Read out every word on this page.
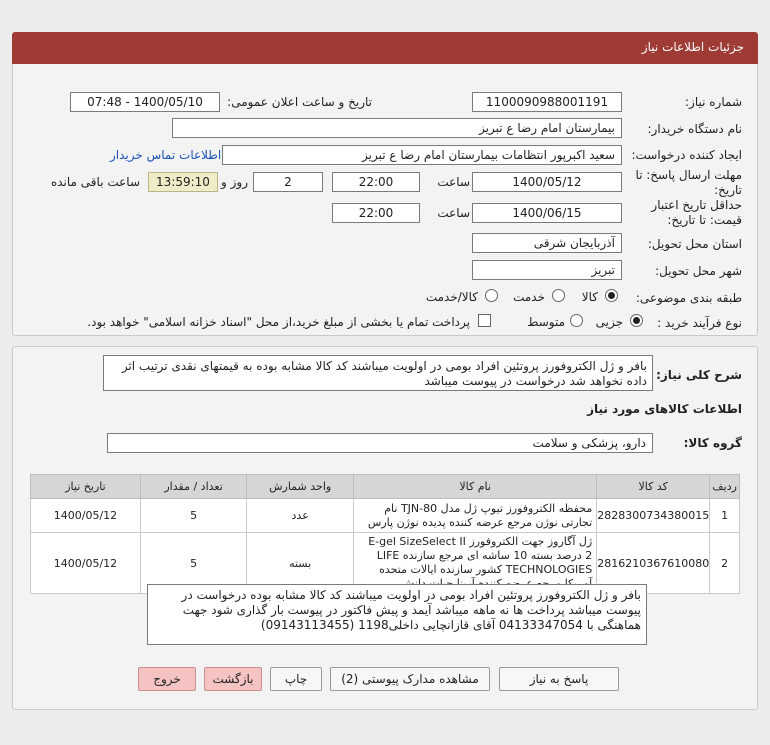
جزئیات اطلاعات نیاز
شماره نیاز:
1100090988001191
تاریخ و ساعت اعلان عمومی:
1400/05/10 - 07:48
نام دستگاه خریدار:
بیمارستان امام رضا ع تبریز
ایجاد کننده درخواست:
سعید اکبرپور انتظامات بیمارستان امام رضا ع تبریز
اطلاعات تماس خریدار
مهلت ارسال پاسخ: تا
تاریخ:
1400/05/12
ساعت
22:00
2
روز و
13:59:10
ساعت باقی مانده
حداقل تاریخ اعتبار
قیمت: تا تاریخ:
1400/06/15
ساعت
22:00
استان محل تحویل:
آذربایجان شرقی
شهر محل تحویل:
تبریز
طبقه بندی موضوعی:
کالا
خدمت
کالا/خدمت
نوع فرآیند خرید :
جزیی
متوسط
پرداخت تمام یا بخشی از مبلغ خرید،از محل "اسناد خزانه اسلامی" خواهد بود.
شرح کلی نیاز:
بافر و ژل الکتروفورز پروتئین افراد بومی در اولویت میباشند کد کالا مشابه بوده به قیمتهای نقدی ترتیب اثر داده نخواهد شد درخواست در پیوست میباشد
اطلاعات کالاهای مورد نیاز
گروه کالا:
دارو، پزشکی و سلامت
ردیف	کد کالا	نام کالا	واحد شمارش	تعداد / مقدار	تاریخ نیاز
1	2828300734380015	محفظه الکتروفورز تیوپ ژل مدل TJN-80 نام تجارتی نوژن مرجع عرضه کننده پدیده نوژن پارس	عدد	5	1400/05/12
2	2816210367610080	ژل آگاروز جهت الکتروفورز E-gel SizeSelect II 2 درصد بسته 10 ساشه ای مرجع سازنده LIFE TECHNOLOGIES کشور سازنده ایالات متحده	بسته	5	1400/05/12
بافر و ژل الکتروفورز پروتئین افراد بومی در اولویت میباشند کد کالا مشابه بوده درخواست در پیوست میباشد پرداخت ها نه ماهه میباشد آیمد و پیش فاکتور در پیوست بار گذاری شود جهت هماهنگی با 04133347054 آقای قازانچایی داخلی1198 (09143113455)
پاسخ به نیاز
مشاهده مدارک پیوستی (2)
چاپ
بازگشت
خروج
